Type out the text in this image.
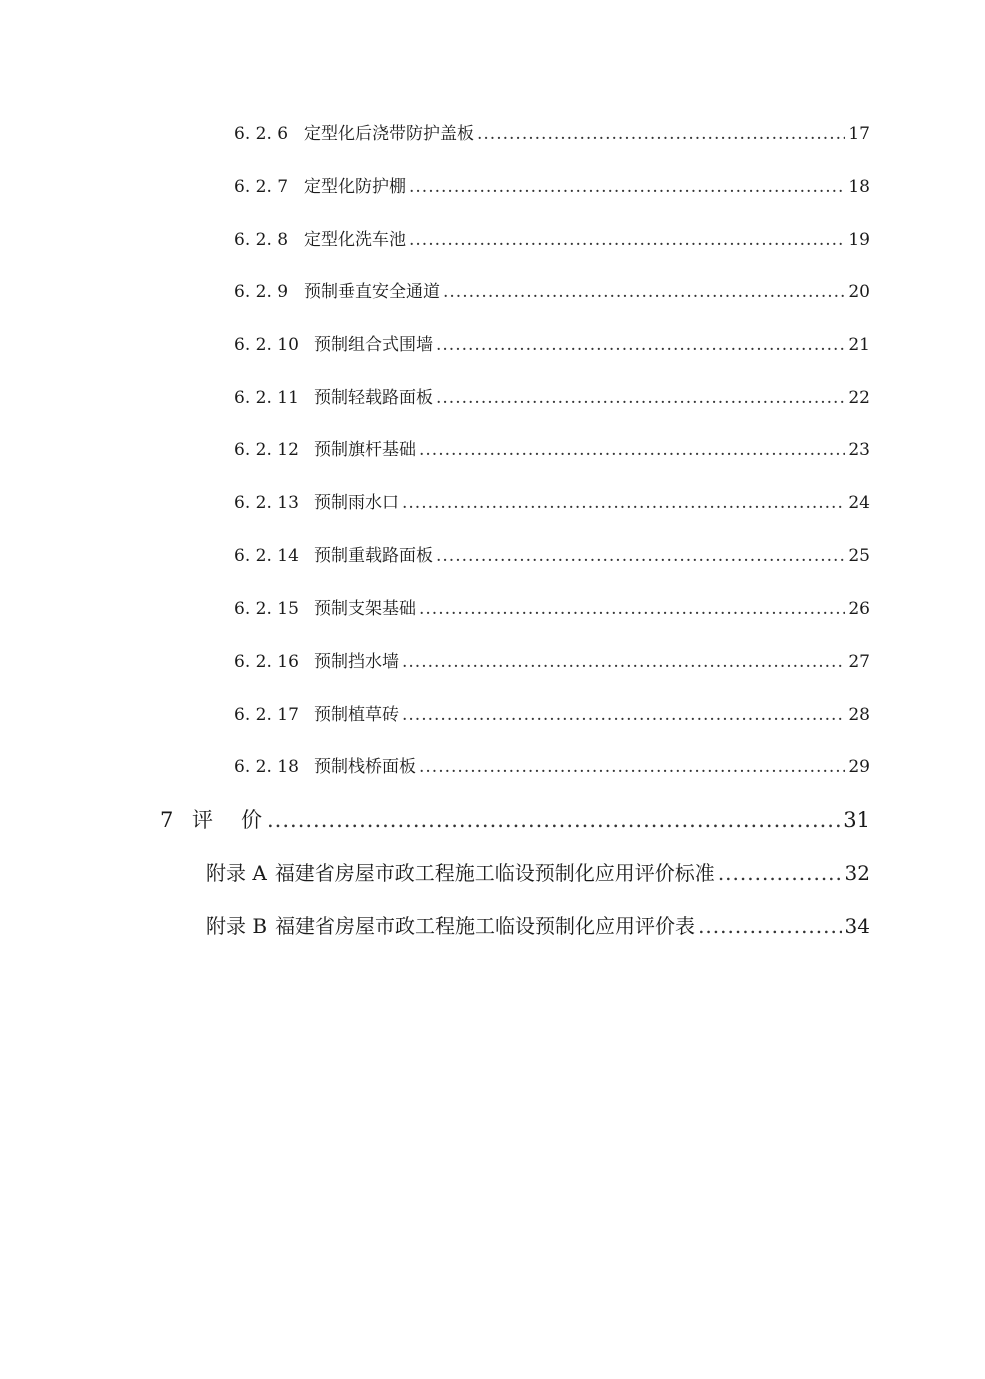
6. 2. 6 定型化后浇带防护盖板 .....	17
6. 2. 7 定型化防护棚 .....	18
6. 2. 8 定型化洗车池 .....	19
6. 2. 9 预制垂直安全通道 .....	20
6. 2. 10 预制组合式围墙 .....	21
6. 2. 11 预制轻载路面板 .....	22
6. 2. 12 预制旗杆基础 .....	23
6. 2. 13 预制雨水口 .....	24
6. 2. 14 预制重载路面板 .....	25
6. 2. 15 预制支架基础 .....	26
6. 2. 16 预制挡水墙 .....	27
6. 2. 17 预制植草砖 .....	28
6. 2. 18 预制栈桥面板 .....	29
7 评价 .....	31
附录 A 福建省房屋市政工程施工临设预制化应用评价标准 .....	32
附录 B 福建省房屋市政工程施工临设预制化应用评价表 .....	34
